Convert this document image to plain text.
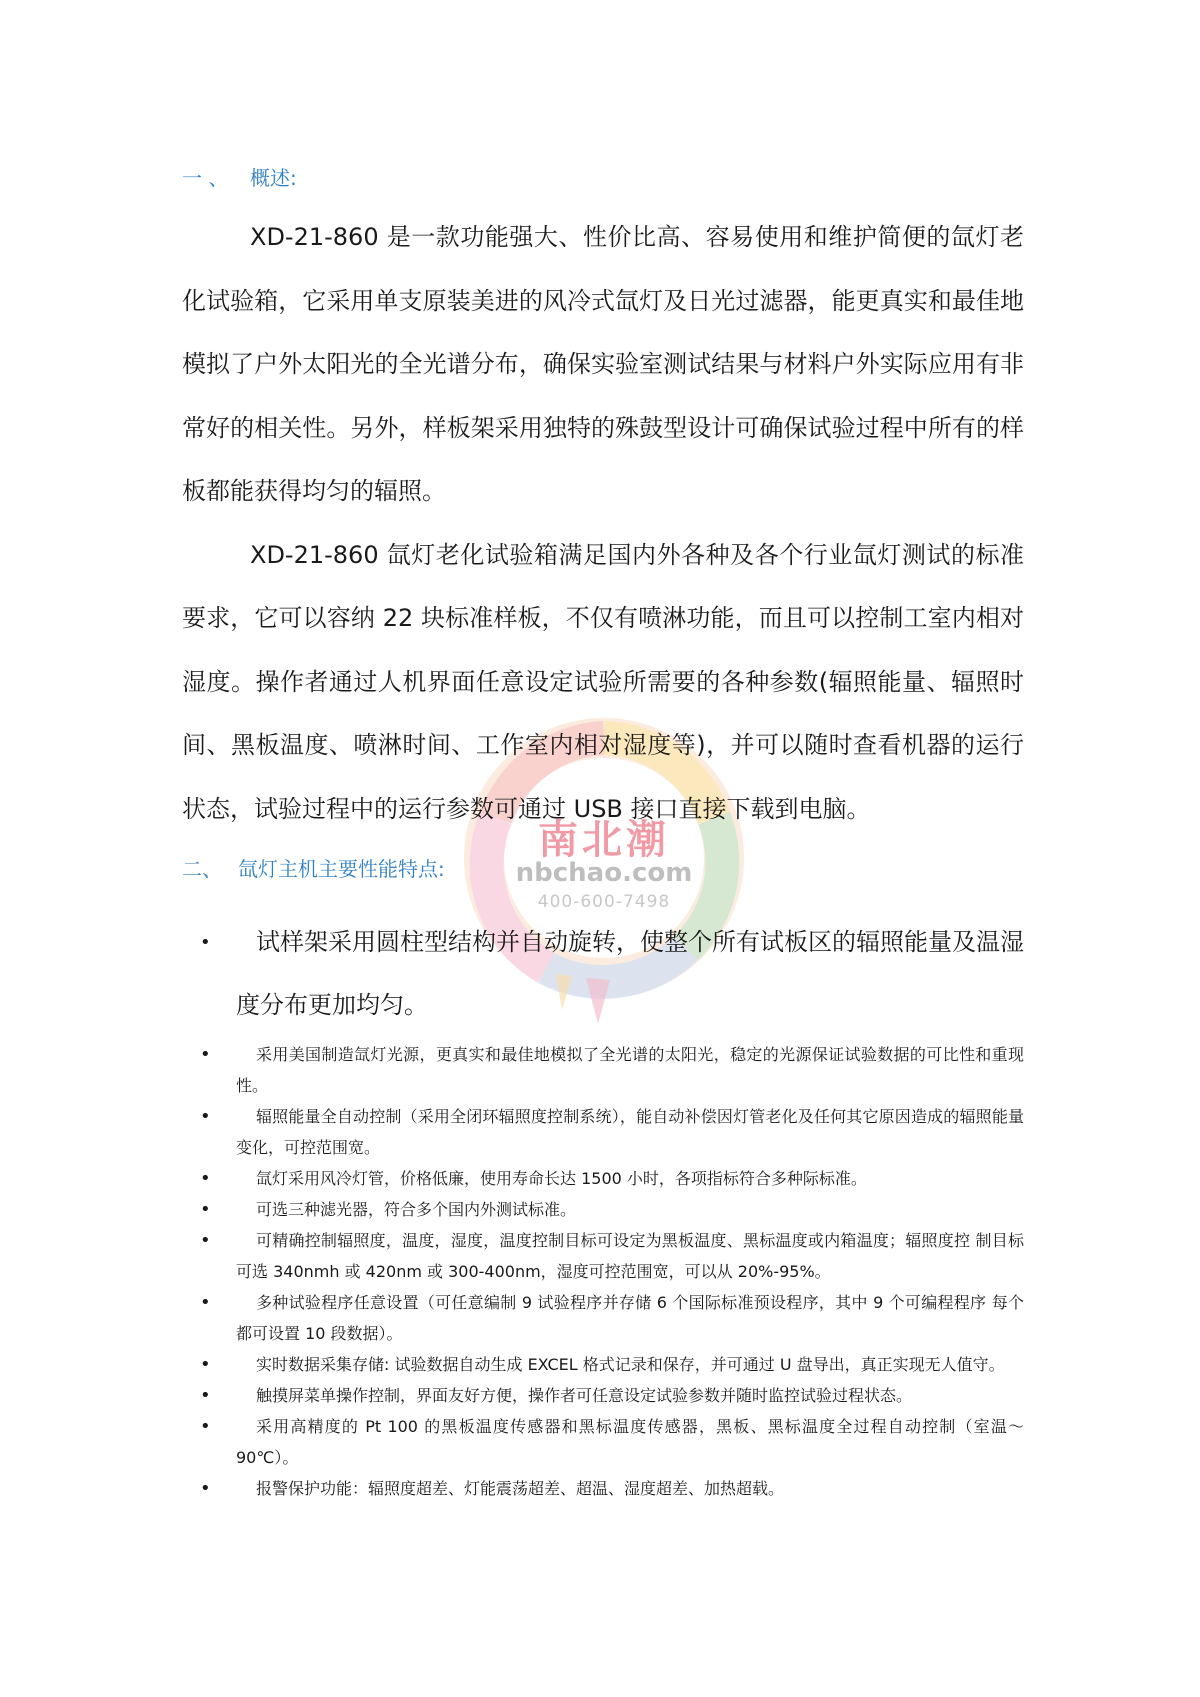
南北潮
nbchao.com
400-600-7498
一 、 概述:

XD-21-860 是一款功能强大、性价比高、容易使用和维护简便的氙灯老化试验箱，它采用单支原装美进的风冷式氙灯及日光过滤器，能更真实和最佳地模拟了户外太阳光的全光谱分布，确保实验室测试结果与材料户外实际应用有非常好的相关性。另外，样板架采用独特的殊鼓型设计可确保试验过程中所有的样板都能获得均匀的辐照。

XD-21-860 氙灯老化试验箱满足国内外各种及各个行业氙灯测试的标准要求，它可以容纳 22 块标准样板，不仅有喷淋功能，而且可以控制工室内相对湿度。操作者通过人机界面任意设定试验所需要的各种参数(辐照能量、辐照时间、黑板温度、喷淋时间、工作室内相对湿度等)，并可以随时查看机器的运行状态，试验过程中的运行参数可通过 USB 接口直接下载到电脑。

二、 氙灯主机主要性能特点:
• 试样架采用圆柱型结构并自动旋转，使整个所有试板区的辐照能量及温湿度分布更加均匀。
•	采用美国制造氙灯光源，更真实和最佳地模拟了全光谱的太阳光，稳定的光源保证试验数据的可比性和重现性。
•	辐照能量全自动控制（采用全闭环辐照度控制系统），能自动补偿因灯管老化及任何其它原因造成的辐照能量变化，可控范围宽。
•	氙灯采用风冷灯管，价格低廉，使用寿命长达 1500 小时，各项指标符合多种际标准。
•	可选三种滤光器，符合多个国内外测试标准。
•	可精确控制辐照度，温度，湿度，温度控制目标可设定为黑板温度、黑标温度或内箱温度；辐照度控 制目标可选 340nmh 或 420nm 或 300-400nm，湿度可控范围宽，可以从 20%-95%。
•	多种试验程序任意设置（可任意编制 9 试验程序并存储 6 个国际标准预设程序，其中 9 个可编程程序 每个都可设置 10 段数据）。
•	实时数据采集存储: 试验数据自动生成 EXCEL 格式记录和保存，并可通过 U 盘导出，真正实现无人值守。
•	触摸屏菜单操作控制，界面友好方便，操作者可任意设定试验参数并随时监控试验过程状态。
•	采用高精度的 Pt 100 的黑板温度传感器和黑标温度传感器，黑板、黑标温度全过程自动控制（室温～ 90℃）。
•	报警保护功能：辐照度超差、灯能震荡超差、超温、湿度超差、加热超载。
